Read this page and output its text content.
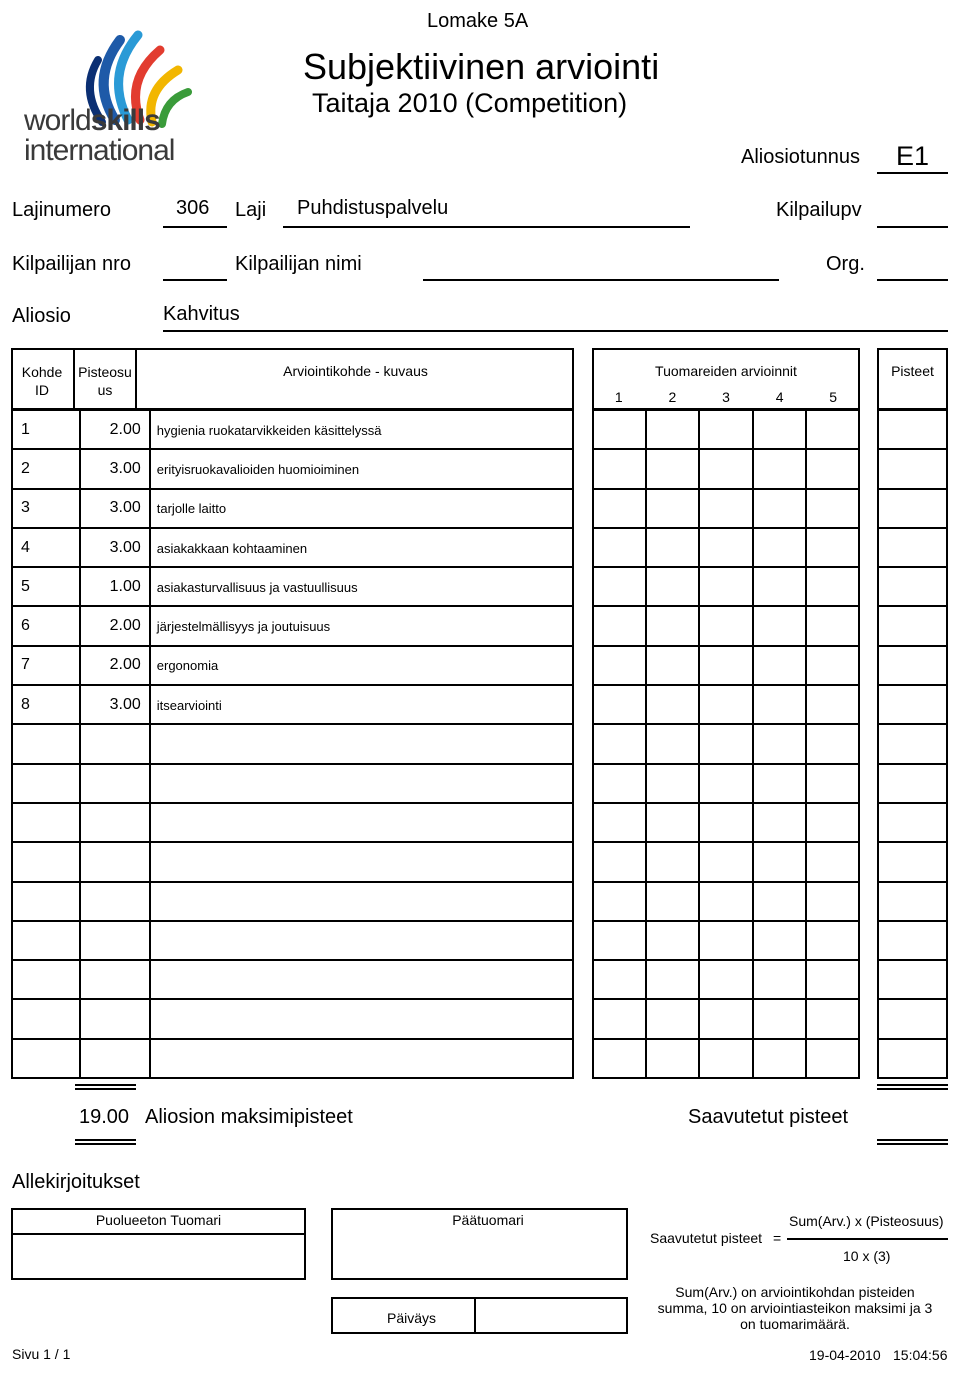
worldskills
international
Lomake 5A
Subjektiivinen arviointi
Taitaja 2010 (Competition)
Aliosiotunnus E1
Lajinumero	306 Laji Puhdistuspalvelu	Kilpailupv
Kilpailijan nro	Kilpailijan nimi	Org.
Aliosio	Kahvitus
Kohde
ID
Pisteosu
us
Arviointikohde - kuvaus	Tuomareiden arvioinnit
1	2	3	4	5
Pisteet
1	2.00	hygienia ruokatarvikkeiden käsittelyssä
2	3.00	erityisruokavalioiden huomioiminen
3	3.00	tarjolle laitto
4	3.00	asiakakkaan kohtaaminen
5	1.00	asiakasturvallisuus ja vastuullisuus
6	2.00	järjestelmällisyys ja joutuisuus
7	2.00	ergonomia
8	3.00	itsearviointi

19.00 Aliosion maksimipisteet	Saavutetut pisteet
Allekirjoitukset
Puolueeton Tuomari	Päätuomari
Päiväys
Saavutetut pisteet =
Sum(Arv.) x (Pisteosuus)
10 x (3)
Sum(Arv.) on arviointikohdan pisteiden
summa, 10 on arviointiasteikon maksimi ja 3
on tuomarimäärä.
Sivu 1 / 1	19-04-2010 15:04:56
